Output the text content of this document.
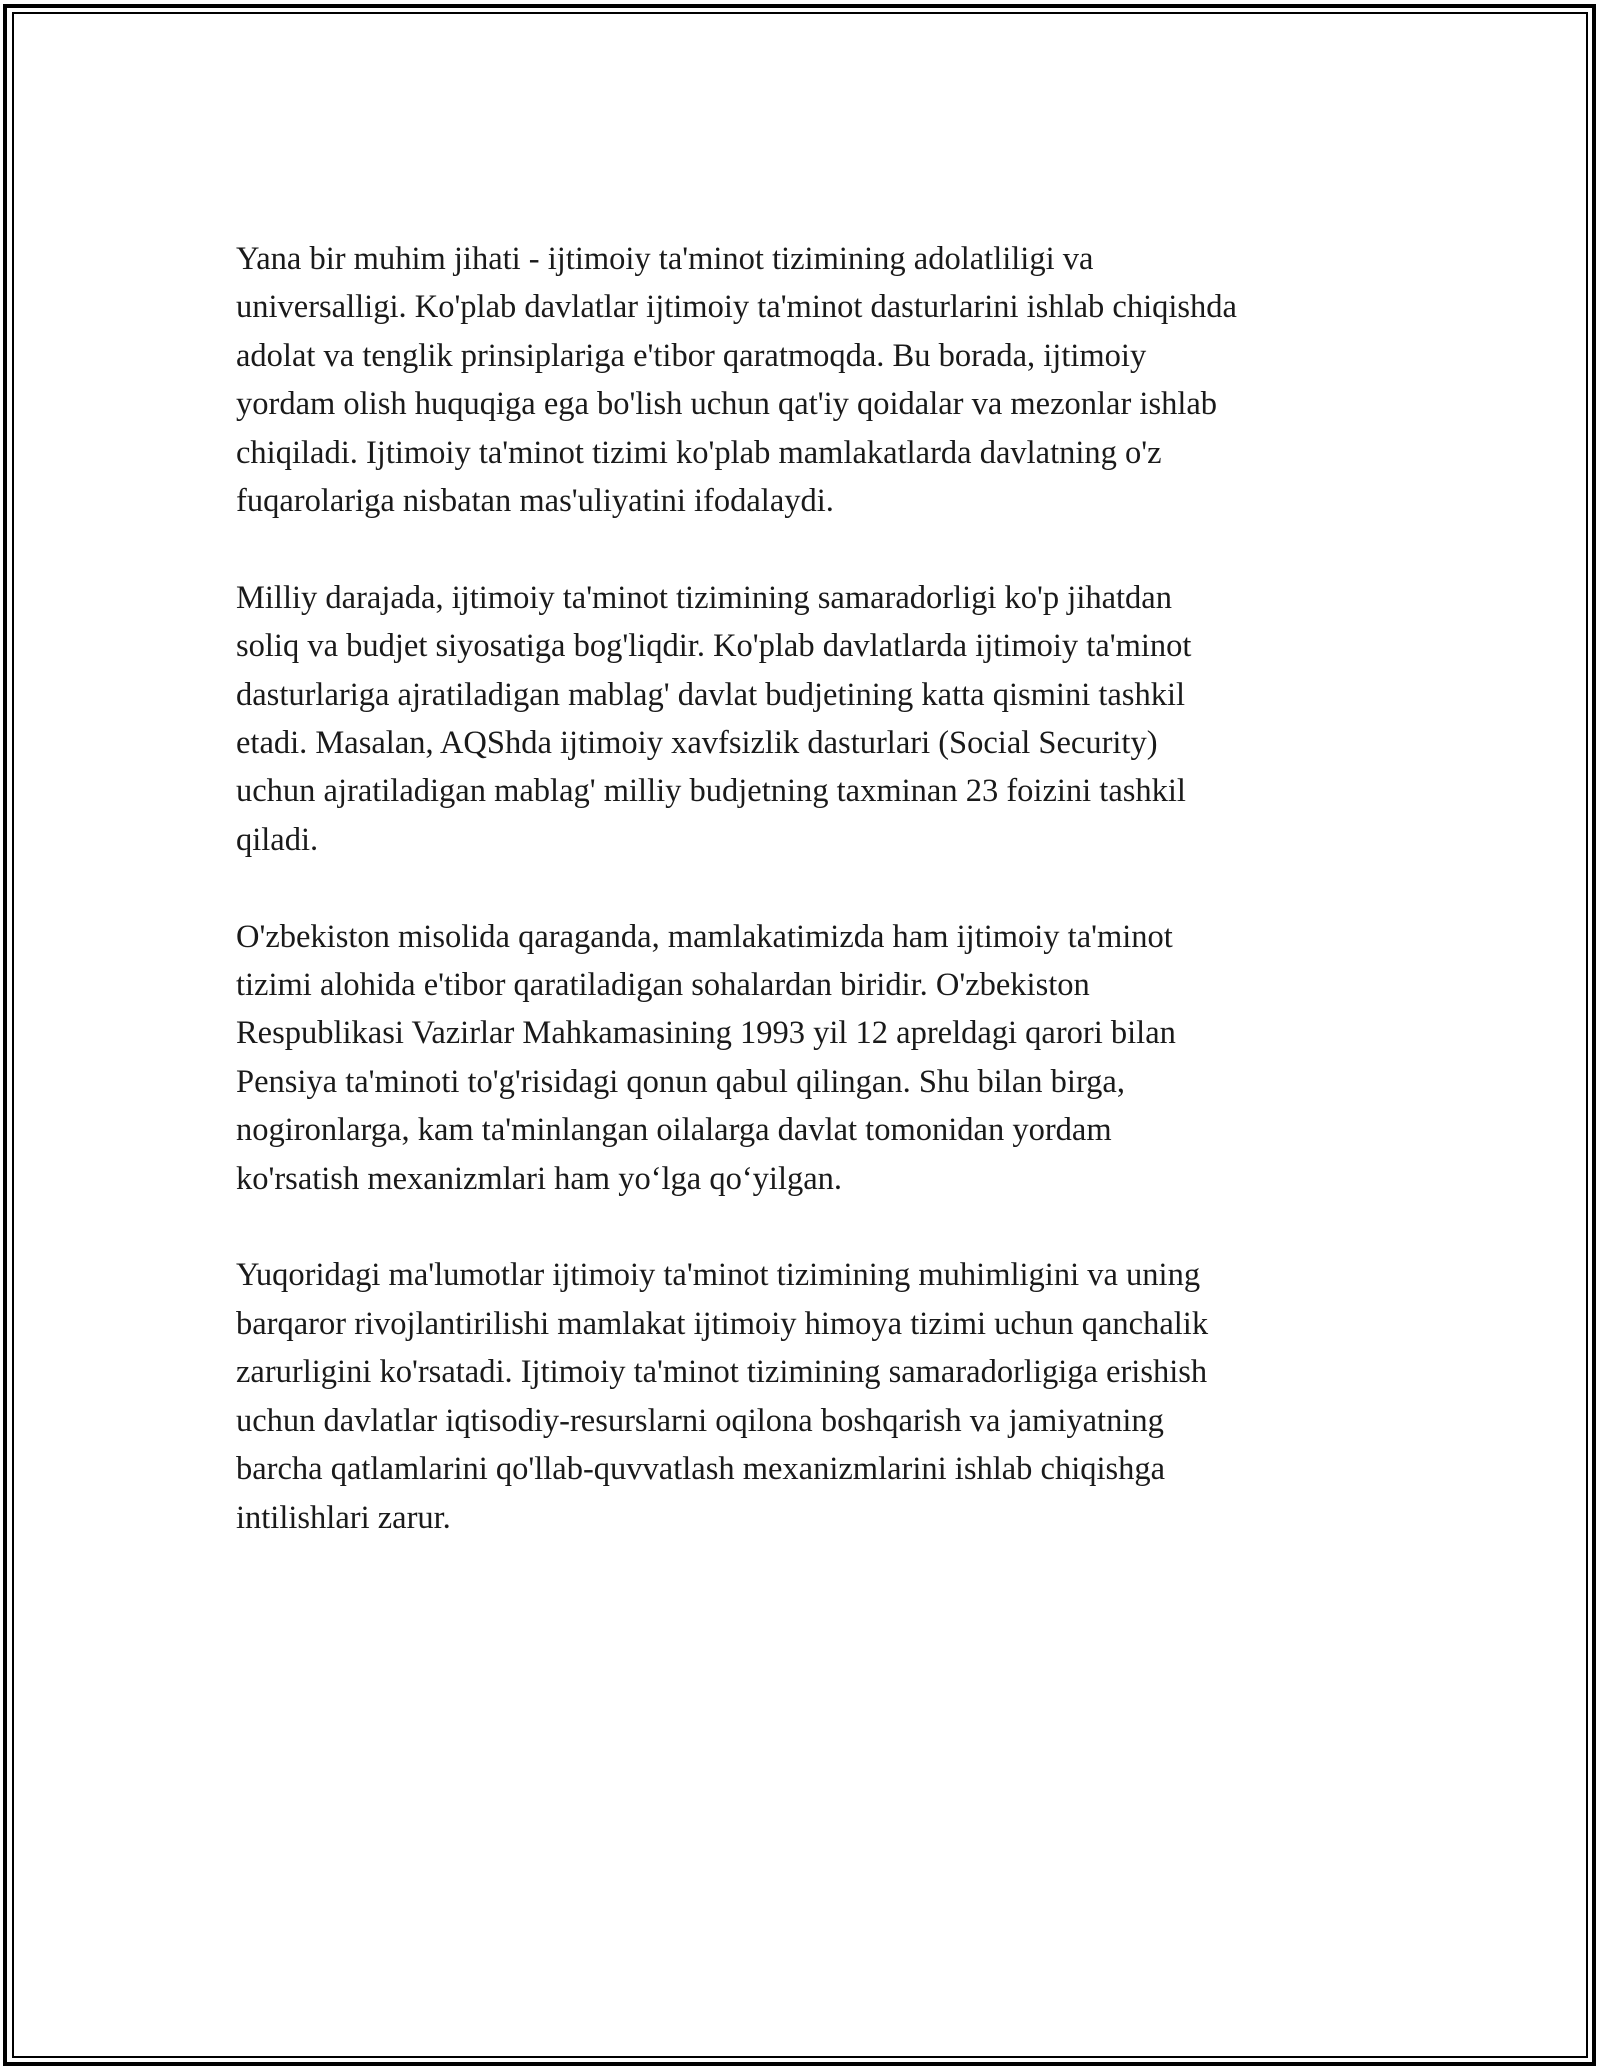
Yana bir muhim jihati - ijtimoiy ta'minot tizimining adolatliligi va
universalligi. Ko'plab davlatlar ijtimoiy ta'minot dasturlarini ishlab chiqishda
adolat va tenglik prinsiplariga e'tibor qaratmoqda. Bu borada, ijtimoiy
yordam olish huquqiga ega bo'lish uchun qat'iy qoidalar va mezonlar ishlab
chiqiladi. Ijtimoiy ta'minot tizimi ko'plab mamlakatlarda davlatning o'z
fuqarolariga nisbatan mas'uliyatini ifodalaydi.
Milliy darajada, ijtimoiy ta'minot tizimining samaradorligi ko'p jihatdan
soliq va budjet siyosatiga bog'liqdir. Ko'plab davlatlarda ijtimoiy ta'minot
dasturlariga ajratiladigan mablag' davlat budjetining katta qismini tashkil
etadi. Masalan, AQShda ijtimoiy xavfsizlik dasturlari (Social Security)
uchun ajratiladigan mablag' milliy budjetning taxminan 23 foizini tashkil
qiladi.
O'zbekiston misolida qaraganda, mamlakatimizda ham ijtimoiy ta'minot
tizimi alohida e'tibor qaratiladigan sohalardan biridir. O'zbekiston
Respublikasi Vazirlar Mahkamasining 1993 yil 12 apreldagi qarori bilan
Pensiya ta'minoti to'g'risidagi qonun qabul qilingan. Shu bilan birga,
nogironlarga, kam ta'minlangan oilalarga davlat tomonidan yordam
ko'rsatish mexanizmlari ham yo‘lga qo‘yilgan.
Yuqoridagi ma'lumotlar ijtimoiy ta'minot tizimining muhimligini va uning
barqaror rivojlantirilishi mamlakat ijtimoiy himoya tizimi uchun qanchalik
zarurligini ko'rsatadi. Ijtimoiy ta'minot tizimining samaradorligiga erishish
uchun davlatlar iqtisodiy-resurslarni oqilona boshqarish va jamiyatning
barcha qatlamlarini qo'llab-quvvatlash mexanizmlarini ishlab chiqishga
intilishlari zarur.
